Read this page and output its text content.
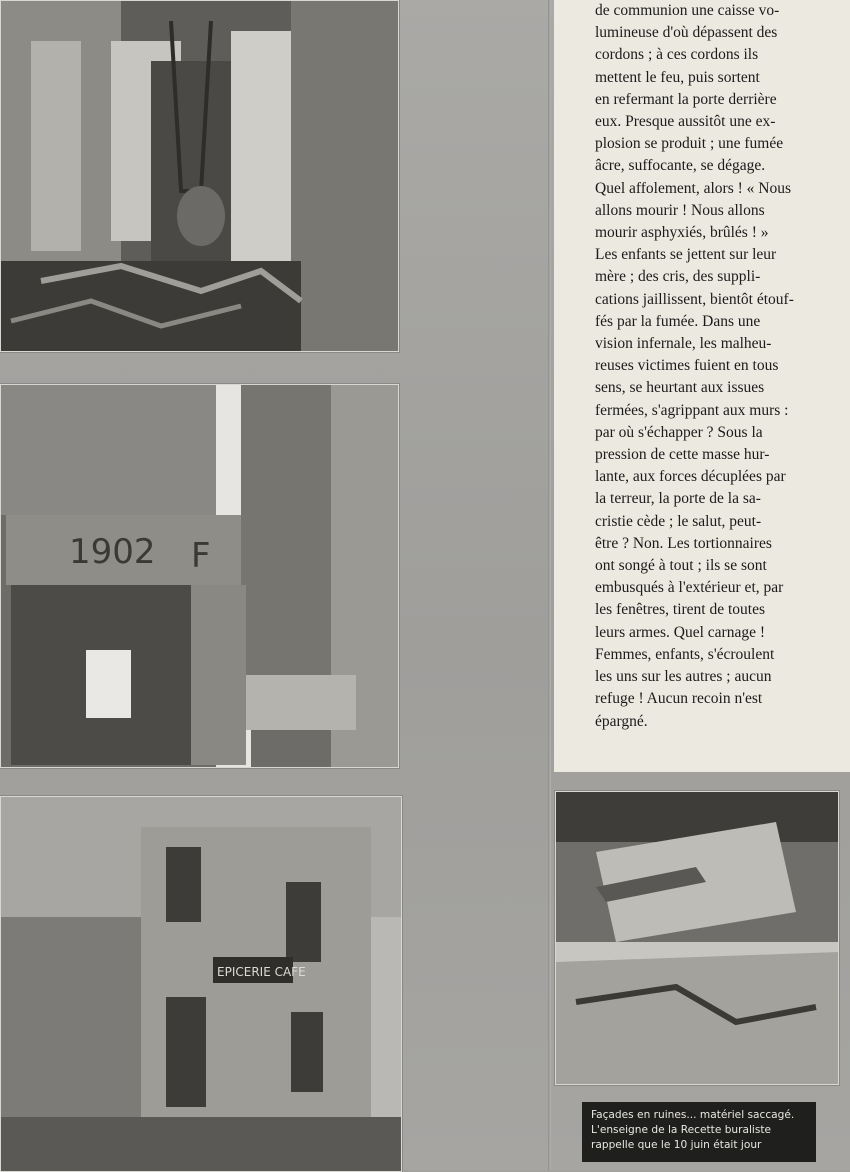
1902 F
EPICERIE CAFE

de communion une caisse vo-
lumineuse d'où dépassent des
cordons ; à ces cordons ils
mettent le feu, puis sortent
en refermant la porte derrière
eux. Presque aussitôt une ex-
plosion se produit ; une fumée
âcre, suffocante, se dégage.
Quel affolement, alors ! « Nous
allons mourir ! Nous allons
mourir asphyxiés, brûlés ! »
Les enfants se jettent sur leur
mère ; des cris, des suppli-
cations jaillissent, bientôt étouf-
fés par la fumée. Dans une
vision infernale, les malheu-
reuses victimes fuient en tous
sens, se heurtant aux issues
fermées, s'agrippant aux murs :
par où s'échapper ? Sous la
pression de cette masse hur-
lante, aux forces décuplées par
la terreur, la porte de la sa-
cristie cède ; le salut, peut-
être ? Non. Les tortionnaires
ont songé à tout ; ils se sont
embusqués à l'extérieur et, par
les fenêtres, tirent de toutes
leurs armes. Quel carnage !
Femmes, enfants, s'écroulent
les uns sur les autres ; aucun
refuge ! Aucun recoin n'est
épargné.

Façades en ruines... matériel saccagé.
L'enseigne de la Recette buraliste
rappelle que le 10 juin était jour
